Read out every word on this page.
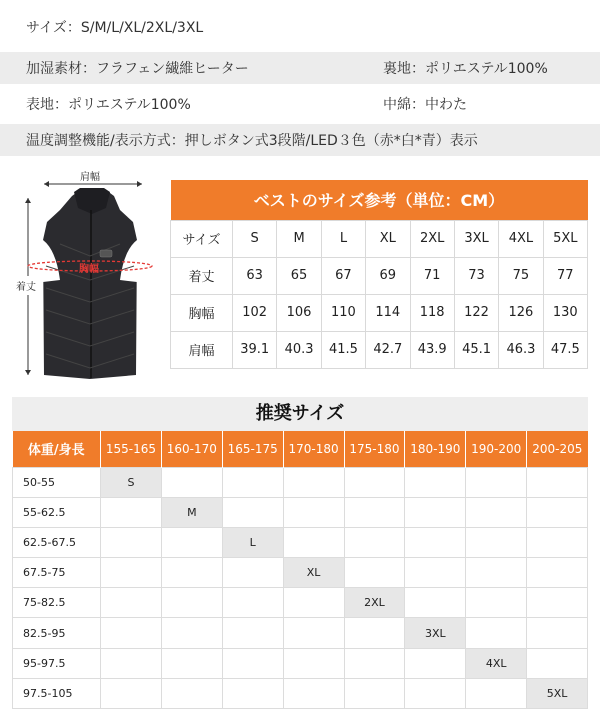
サイズ：S/M/L/XL/2XL/3XL
加湿素材：フラフェン繊維ヒーター	裏地：ポリエステル100%
表地：ポリエステル100%	中綿：中わた
温度調整機能/表示方式：押しボタン式3段階/LED３色（赤*白*青）表示
肩幅
胸幅
着丈
ベストのサイズ参考（単位：CM）								
サイズ	S	M	L	XL	2XL	3XL	4XL	5XL
着丈	63	65	67	69	71	73	75	77
胸幅	102	106	110	114	118	122	126	130
肩幅	39.1	40.3	41.5	42.7	43.9	45.1	46.3	47.5
推奨サイズ
体重/身長	155-165	160-170	165-175	170-180	175-180	180-190	190-200	200-205
50-55	S							
55-62.5		M						
62.5-67.5			L					
67.5-75				XL				
75-82.5					2XL			
82.5-95						3XL		
95-97.5							4XL	
97.5-105								5XL
